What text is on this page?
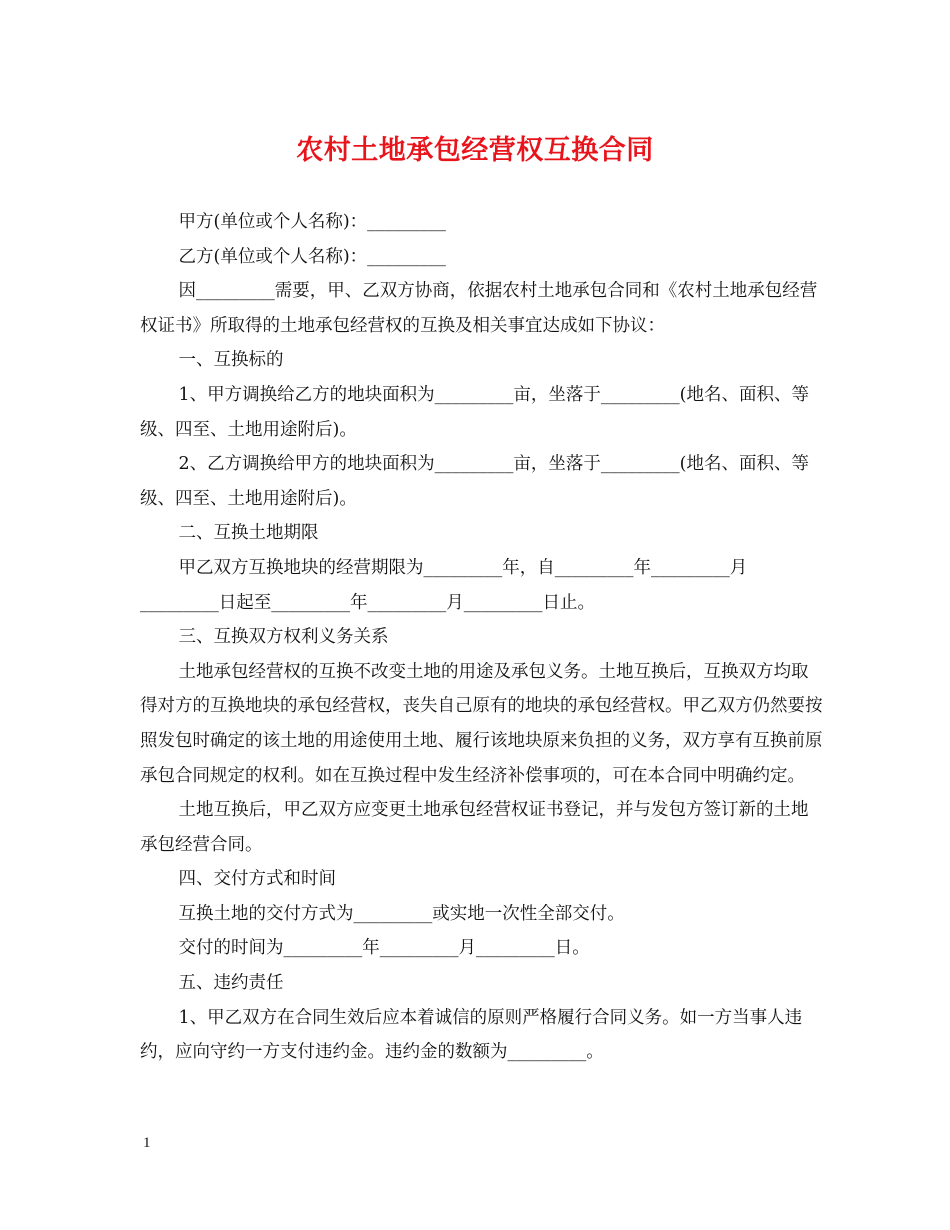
农村土地承包经营权互换合同

甲方(单位或个人名称)：_________

乙方(单位或个人名称)：_________

因_________需要，甲、乙双方协商，依据农村土地承包合同和《农村土地承包经营权证书》所取得的土地承包经营权的互换及相关事宜达成如下协议：

一、互换标的

1、甲方调换给乙方的地块面积为_________亩，坐落于_________(地名、面积、等级、四至、土地用途附后)。

2、乙方调换给甲方的地块面积为_________亩，坐落于_________(地名、面积、等级、四至、土地用途附后)。

二、互换土地期限

甲乙双方互换地块的经营期限为_________年，自_________年_________月_________日起至_________年_________月_________日止。

三、互换双方权利义务关系

土地承包经营权的互换不改变土地的用途及承包义务。土地互换后，互换双方均取得对方的互换地块的承包经营权，丧失自己原有的地块的承包经营权。甲乙双方仍然要按照发包时确定的该土地的用途使用土地、履行该地块原来负担的义务，双方享有互换前原承包合同规定的权利。如在互换过程中发生经济补偿事项的，可在本合同中明确约定。

土地互换后，甲乙双方应变更土地承包经营权证书登记，并与发包方签订新的土地承包经营合同。

四、交付方式和时间

互换土地的交付方式为_________或实地一次性全部交付。

交付的时间为_________年_________月_________日。

五、违约责任

1、甲乙双方在合同生效后应本着诚信的原则严格履行合同义务。如一方当事人违约，应向守约一方支付违约金。违约金的数额为_________。

1
